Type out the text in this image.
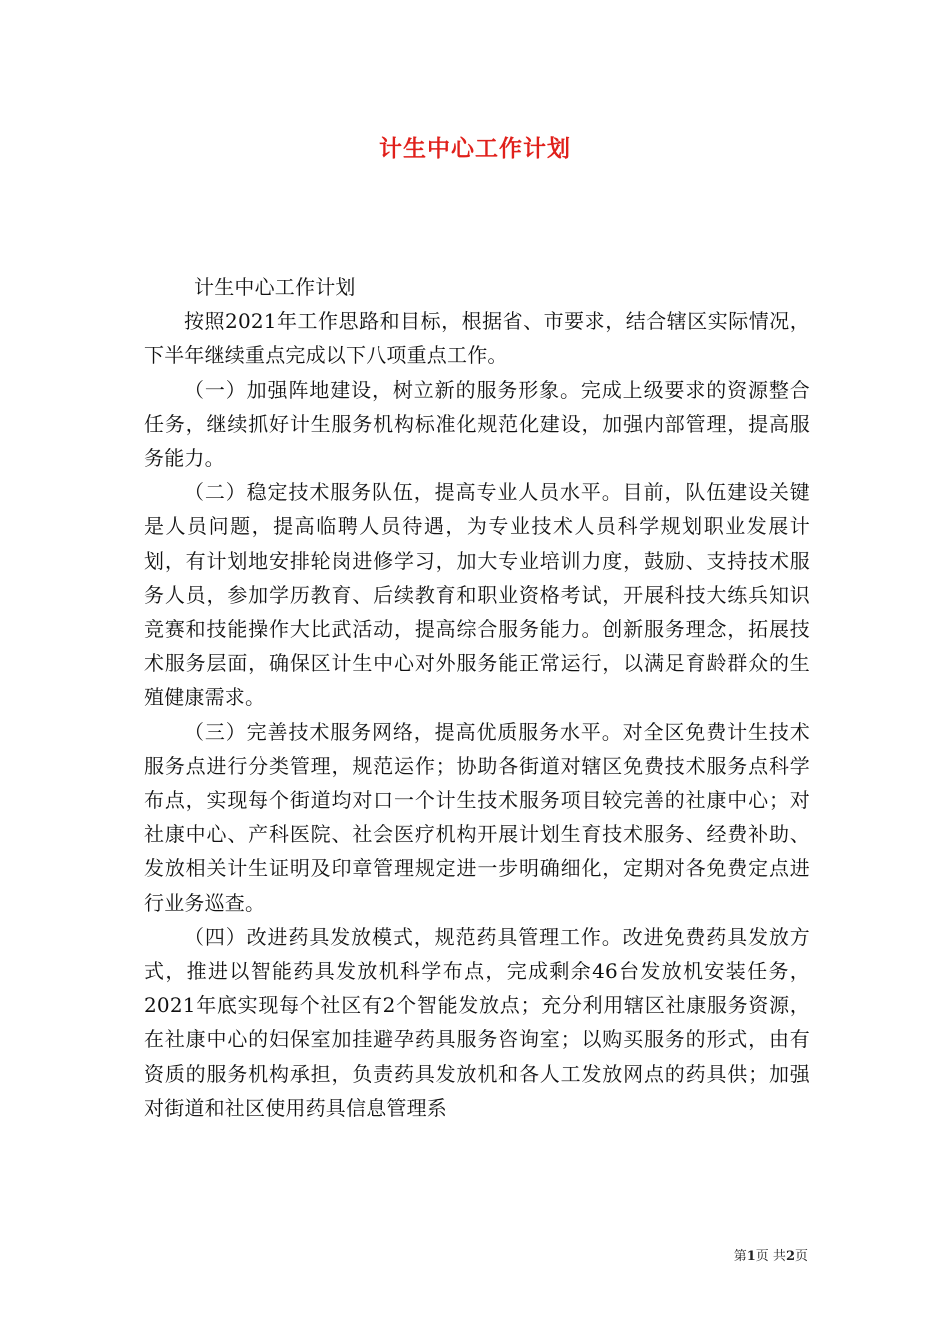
计生中心工作计划

计生中心工作计划

按照2021年工作思路和目标，根据省、市要求，结合辖区实际情况，下半年继续重点完成以下八项重点工作。

（一）加强阵地建设，树立新的服务形象。完成上级要求的资源整合任务，继续抓好计生服务机构标准化规范化建设，加强内部管理，提高服务能力。

（二）稳定技术服务队伍，提高专业人员水平。目前，队伍建设关键是人员问题，提高临聘人员待遇，为专业技术人员科学规划职业发展计划，有计划地安排轮岗进修学习，加大专业培训力度，鼓励、支持技术服务人员，参加学历教育、后续教育和职业资格考试，开展科技大练兵知识竞赛和技能操作大比武活动，提高综合服务能力。创新服务理念，拓展技术服务层面，确保区计生中心对外服务能正常运行，以满足育龄群众的生殖健康需求。

（三）完善技术服务网络，提高优质服务水平。对全区免费计生技术服务点进行分类管理，规范运作；协助各街道对辖区免费技术服务点科学布点，实现每个街道均对口一个计生技术服务项目较完善的社康中心；对社康中心、产科医院、社会医疗机构开展计划生育技术服务、经费补助、发放相关计生证明及印章管理规定进一步明确细化，定期对各免费定点进行业务巡查。

（四）改进药具发放模式，规范药具管理工作。改进免费药具发放方式，推进以智能药具发放机科学布点，完成剩余46台发放机安装任务，2021年底实现每个社区有2个智能发放点；充分利用辖区社康服务资源，在社康中心的妇保室加挂避孕药具服务咨询室；以购买服务的形式，由有资质的服务机构承担，负责药具发放机和各人工发放网点的药具供；加强对街道和社区使用药具信息管理系

第1页 共2页
